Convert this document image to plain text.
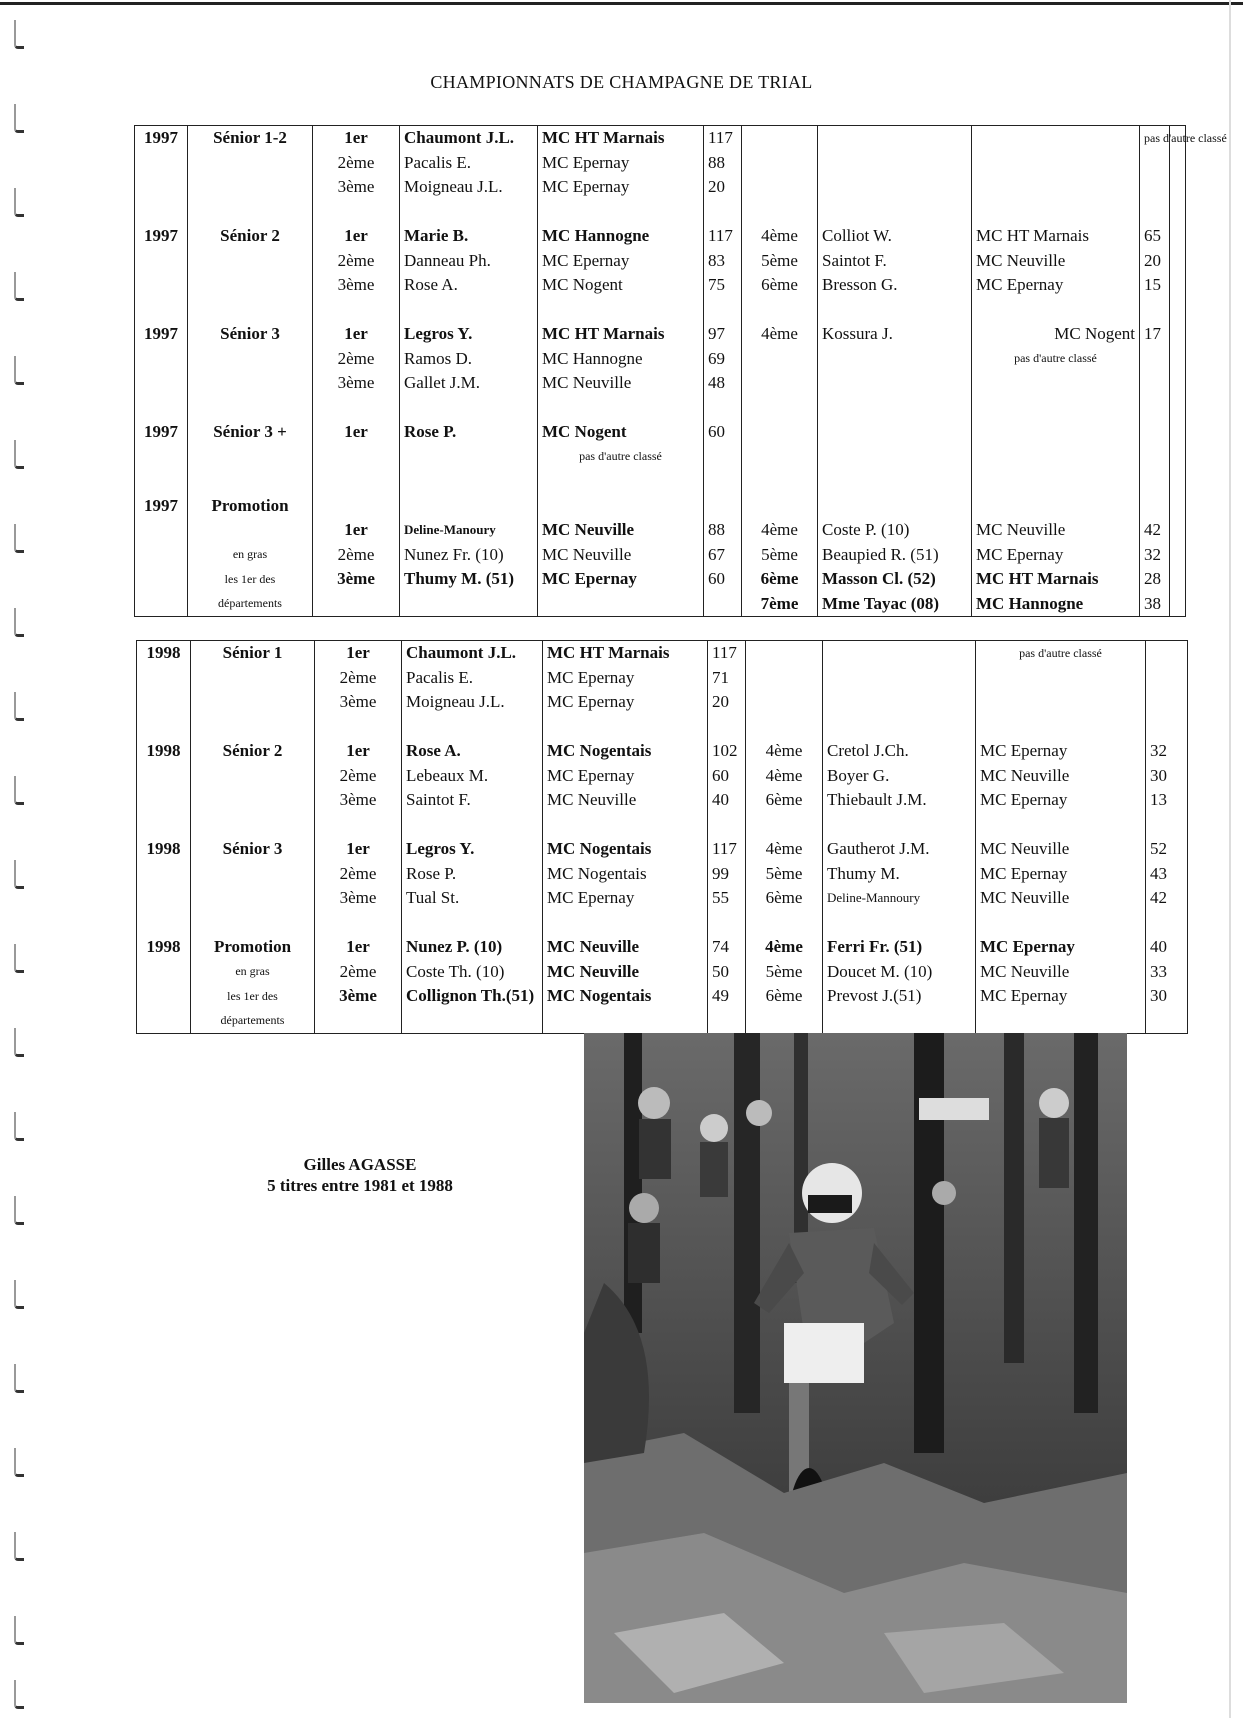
CHAMPIONNATS DE CHAMPAGNE DE TRIAL
1997	Sénior 1-2	1er	Chaumont J.L.	MC HT Marnais	117				pas d'autre classé	
		2ème	Pacalis E.	MC Epernay	88					
		3ème	Moigneau J.L.	MC Epernay	20					

1997	Sénior 2	1er	Marie B.	MC Hannogne	117	4ème	Colliot W.	MC HT Marnais	65	
		2ème	Danneau Ph.	MC Epernay	83	5ème	Saintot F.	MC Neuville	20	
		3ème	Rose A.	MC Nogent	75	6ème	Bresson G.	MC Epernay	15	

1997	Sénior 3	1er	Legros Y.	MC HT Marnais	97	4ème	Kossura J.	MC Nogent	17	
		2ème	Ramos D.	MC Hannogne	69			pas d'autre classé		
		3ème	Gallet J.M.	MC Neuville	48					

1997	Sénior 3 +	1er	Rose P.	MC Nogent	60					
				pas d'autre classé						

1997	Promotion									
		1er	Deline-Manoury	MC Neuville	88	4ème	Coste P. (10)	MC Neuville	42	
	en gras	2ème	Nunez Fr. (10)	MC Neuville	67	5ème	Beaupied R. (51)	MC Epernay	32	
	les 1er des	3ème	Thumy M. (51)	MC Epernay	60	6ème	Masson Cl. (52)	MC HT Marnais	28	
	départements					7ème	Mme Tayac (08)	MC Hannogne	38	
1998	Sénior 1	1er	Chaumont J.L.	MC HT Marnais	117			pas d'autre classé	
		2ème	Pacalis E.	MC Epernay	71				
		3ème	Moigneau J.L.	MC Epernay	20				

1998	Sénior 2	1er	Rose A.	MC Nogentais	102	4ème	Cretol J.Ch.	MC Epernay	32
		2ème	Lebeaux M.	MC Epernay	60	4ème	Boyer G.	MC Neuville	30
		3ème	Saintot F.	MC Neuville	40	6ème	Thiebault J.M.	MC Epernay	13

1998	Sénior 3	1er	Legros Y.	MC Nogentais	117	4ème	Gautherot J.M.	MC Neuville	52
		2ème	Rose P.	MC Nogentais	99	5ème	Thumy M.	MC Epernay	43
		3ème	Tual St.	MC Epernay	55	6ème	Deline-Mannoury	MC Neuville	42

1998	Promotion	1er	Nunez P. (10)	MC Neuville	74	4ème	Ferri Fr. (51)	MC Epernay	40
	en gras	2ème	Coste Th. (10)	MC Neuville	50	5ème	Doucet M. (10)	MC Neuville	33
	les 1er des	3ème	Collignon Th.(51)	MC Nogentais	49	6ème	Prevost J.(51)	MC Epernay	30
	départements								
Gilles AGASSE
5 titres entre 1981 et 1988
